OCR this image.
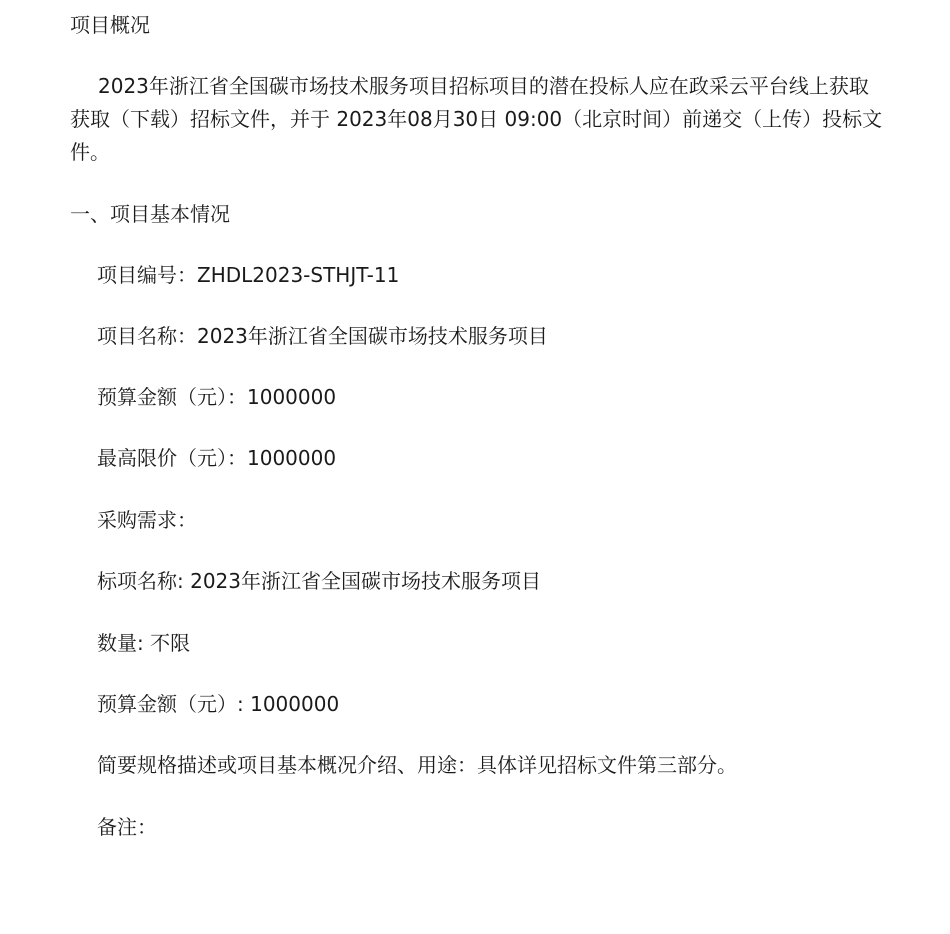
项目概况
2023年浙江省全国碳市场技术服务项目招标项目的潜在投标人应在政采云平台线上获取获取（下载）招标文件，并于 2023年08月30日 09:00（北京时间）前递交（上传）投标文件。
一、项目基本情况
项目编号：ZHDL2023-STHJT-11
项目名称：2023年浙江省全国碳市场技术服务项目
预算金额（元）：1000000
最高限价（元）：1000000
采购需求：
标项名称: 2023年浙江省全国碳市场技术服务项目
数量: 不限
预算金额（元）: 1000000
简要规格描述或项目基本概况介绍、用途：具体详见招标文件第三部分。
备注：
